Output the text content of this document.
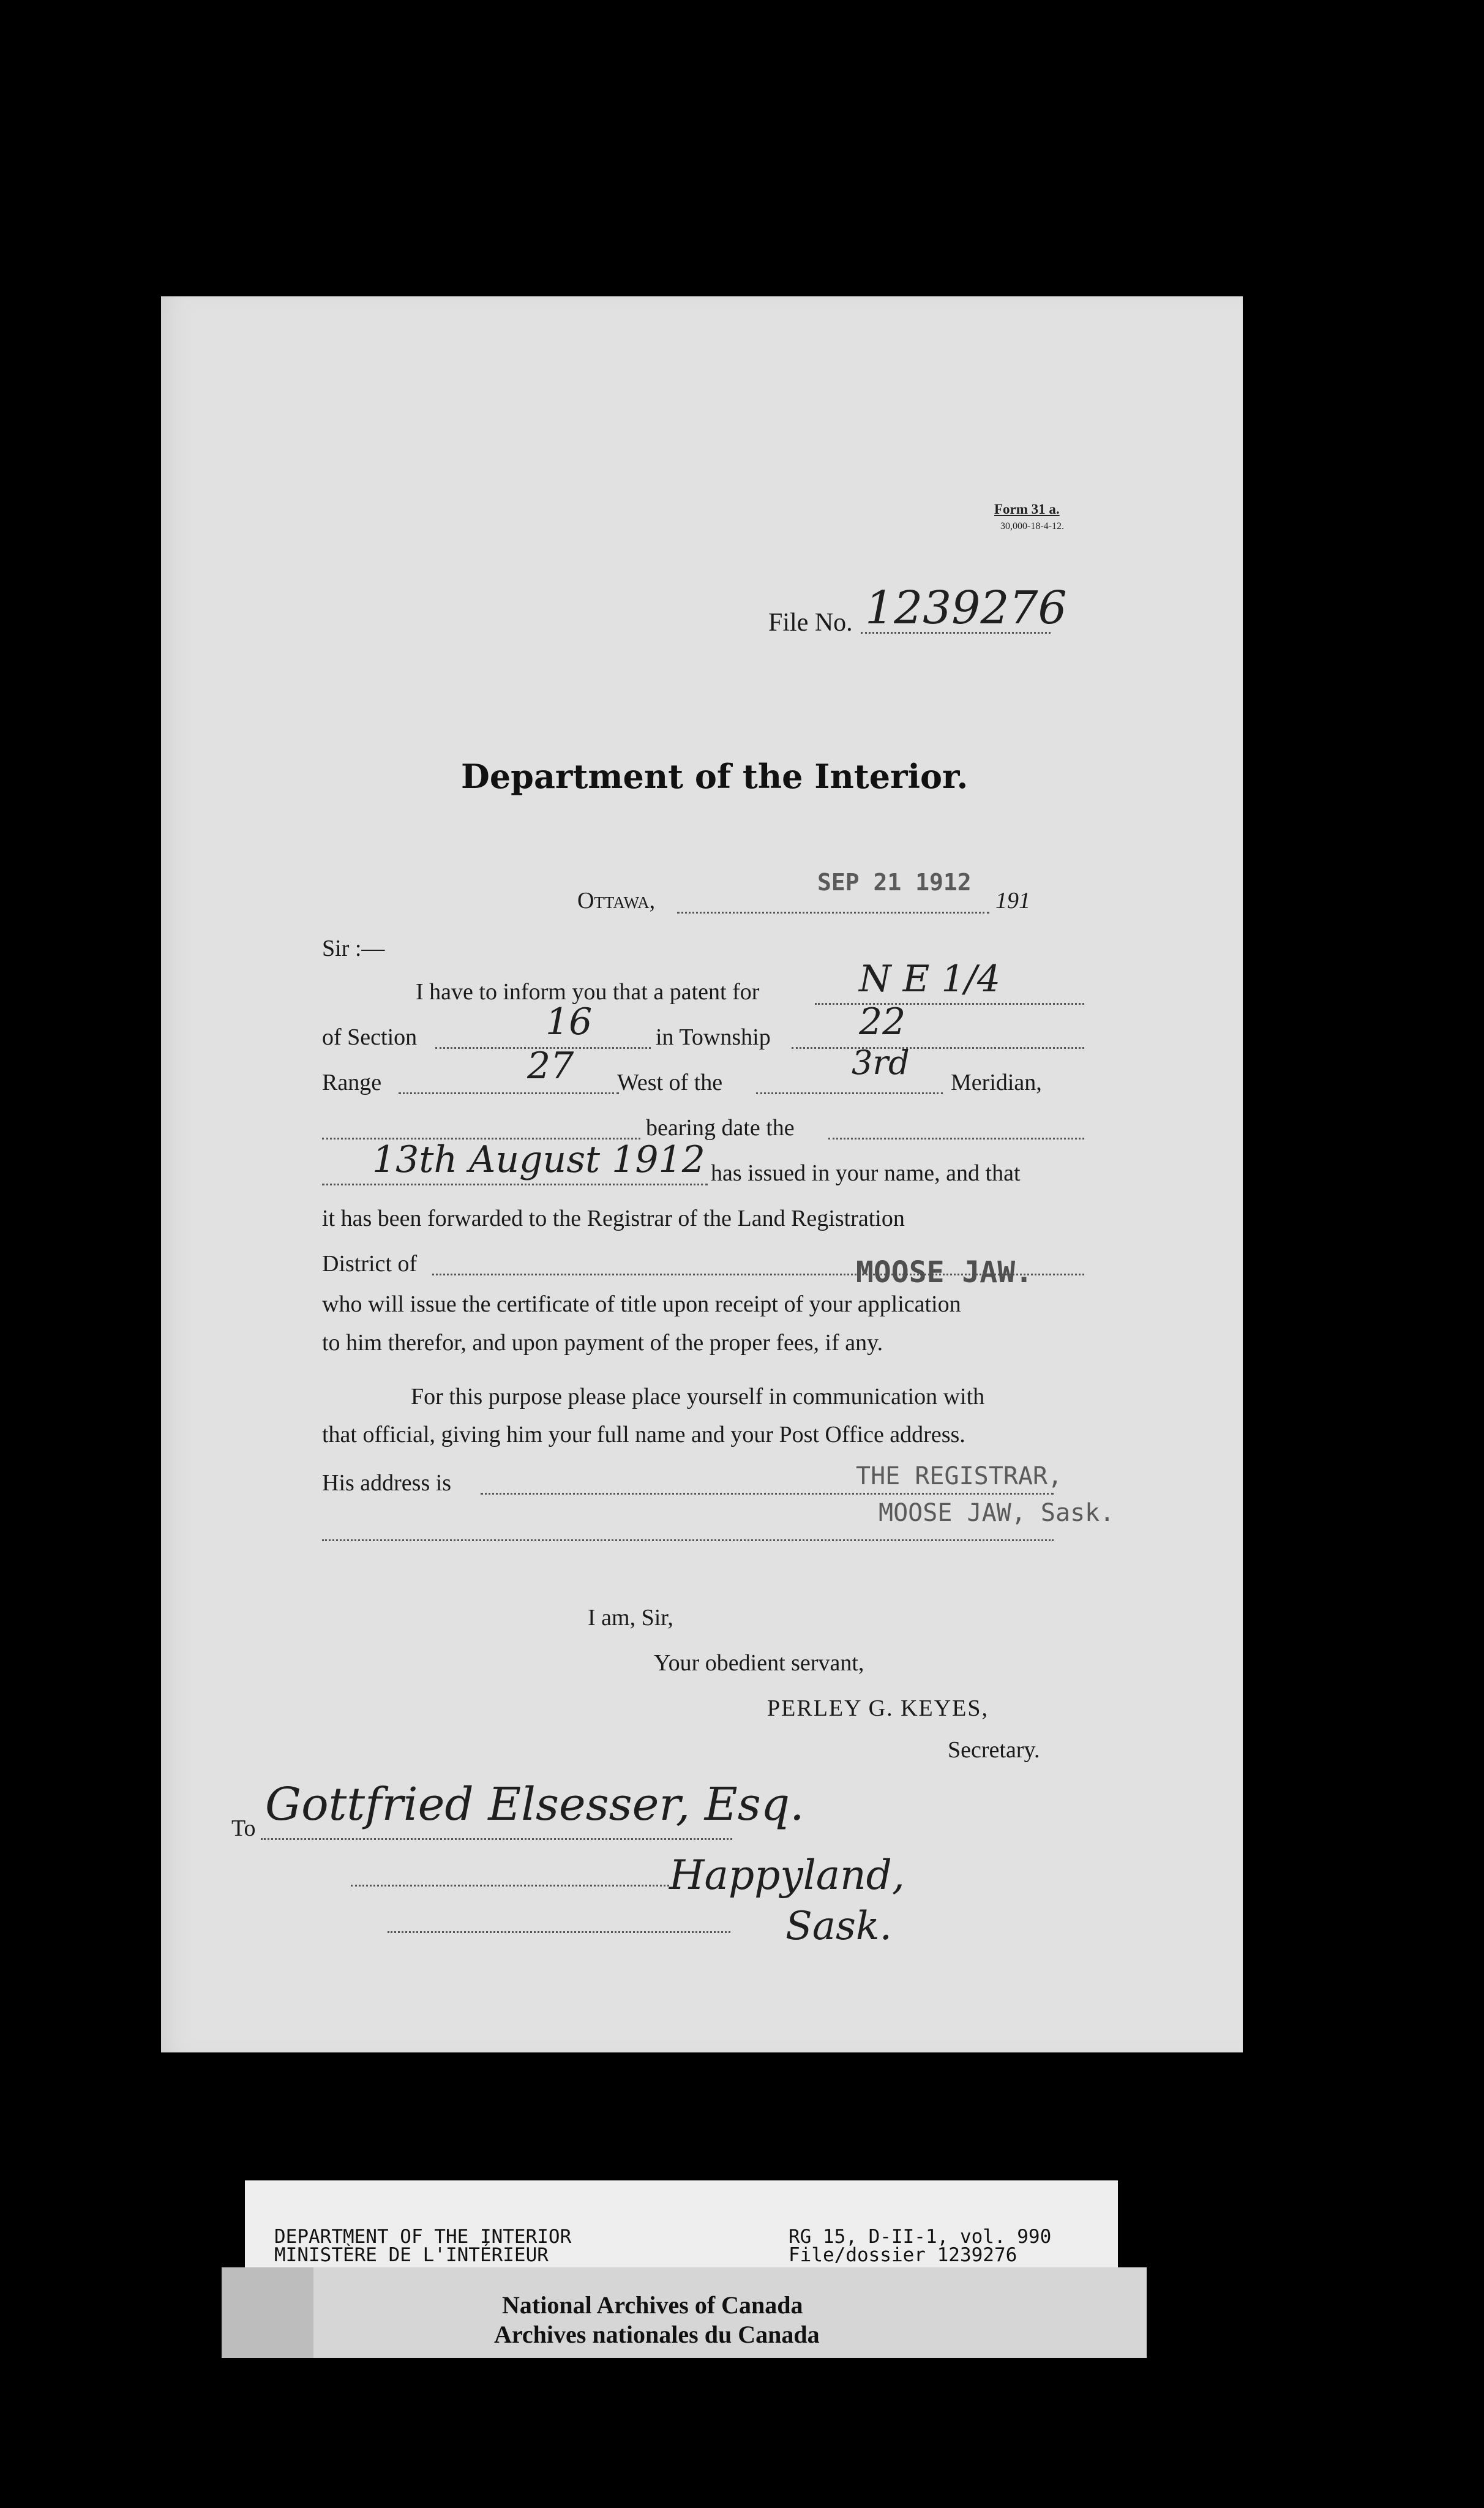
Form 31 a.
30,000-18-4-12.
File No. 1239276
Department of the Interior.
Ottawa,
SEP 21 1912
191
Sir :—
I have to inform you that a patent for	N E 1/4
of Section	16	in Township 22
Range	27 West of the
3rd
Meridian,
bearing date the
13th August 1912 has issued in your name, and that
it has been forwarded to the Registrar of the Land Registration
District of	MOOSE JAW.
who will issue the certificate of title upon receipt of your application
to him therefor, and upon payment of the proper fees, if any.
For this purpose please place yourself in communication with
that official, giving him your full name and your Post Office address.
His address is	THE REGISTRAR,
MOOSE JAW, Sask.
I am, Sir,
Your obedient servant,
PERLEY G. KEYES,
Secretary.
To Gottfried Elsesser, Esq.
Happyland,
Sask.
DEPARTMENT OF THE INTERIOR
MINISTÈRE DE L'INTÉRIEUR
RG 15, D-II-1, vol. 990
File/dossier 1239276
National Archives of Canada
Archives nationales du Canada
